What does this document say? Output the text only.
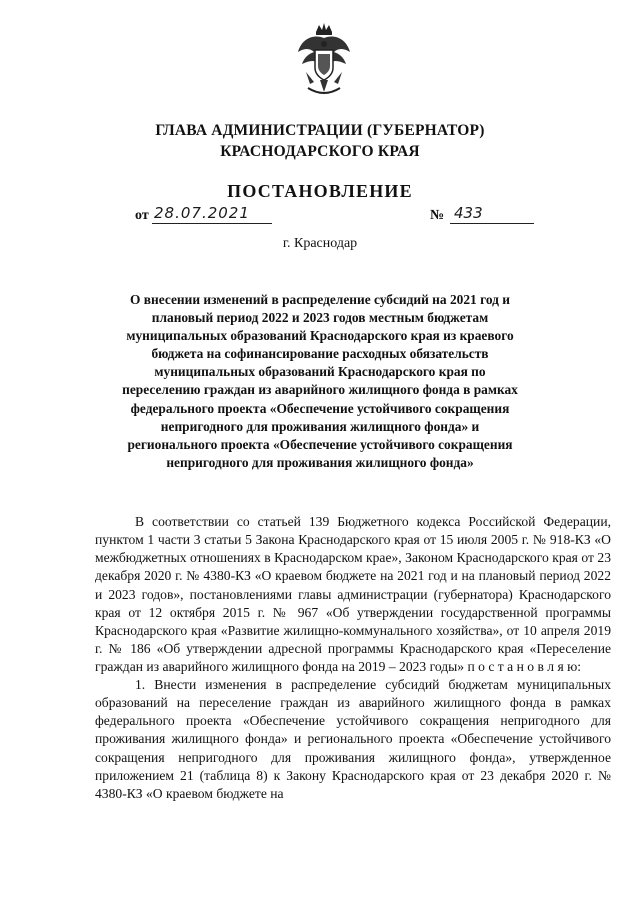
ГЛАВА АДМИНИСТРАЦИИ (ГУБЕРНАТОР)
КРАСНОДАРСКОГО КРАЯ
ПОСТАНОВЛЕНИЕ
от 28.07.2021	№ 433
г. Краснодар
О внесении изменений в распределение субсидий на 2021 год и плановый период 2022 и 2023 годов местным бюджетам муниципальных образований Краснодарского края из краевого бюджета на софинансирование расходных обязательств муниципальных образований Краснодарского края по переселению граждан из аварийного жилищного фонда в рамках федерального проекта «Обеспечение устойчивого сокращения непригодного для проживания жилищного фонда» и регионального проекта «Обеспечение устойчивого сокращения непригодного для проживания жилищного фонда»
В соответствии со статьей 139 Бюджетного кодекса Российской Федерации, пунктом 1 части 3 статьи 5 Закона Краснодарского края от 15 июля 2005 г. № 918-КЗ «О межбюджетных отношениях в Краснодарском крае», Законом Краснодарского края от 23 декабря 2020 г. № 4380-КЗ «О краевом бюджете на 2021 год и на плановый период 2022 и 2023 годов», постановлениями главы администрации (губернатора) Краснодарского края от 12 октября 2015 г. № 967 «Об утверждении государственной программы Краснодарского края «Развитие жилищно-коммунального хозяйства», от 10 апреля 2019 г. № 186 «Об утверждении адресной программы Краснодарского края «Переселение граждан из аварийного жилищного фонда на 2019 – 2023 годы» п о с т а н о в л я ю:
1. Внести изменения в распределение субсидий бюджетам муниципальных образований на переселение граждан из аварийного жилищного фонда в рамках федерального проекта «Обеспечение устойчивого сокращения непригодного для проживания жилищного фонда» и регионального проекта «Обеспечение устойчивого сокращения непригодного для проживания жилищного фонда», утвержденное приложением 21 (таблица 8) к Закону Краснодарского края от 23 декабря 2020 г. № 4380-КЗ «О краевом бюджете на
